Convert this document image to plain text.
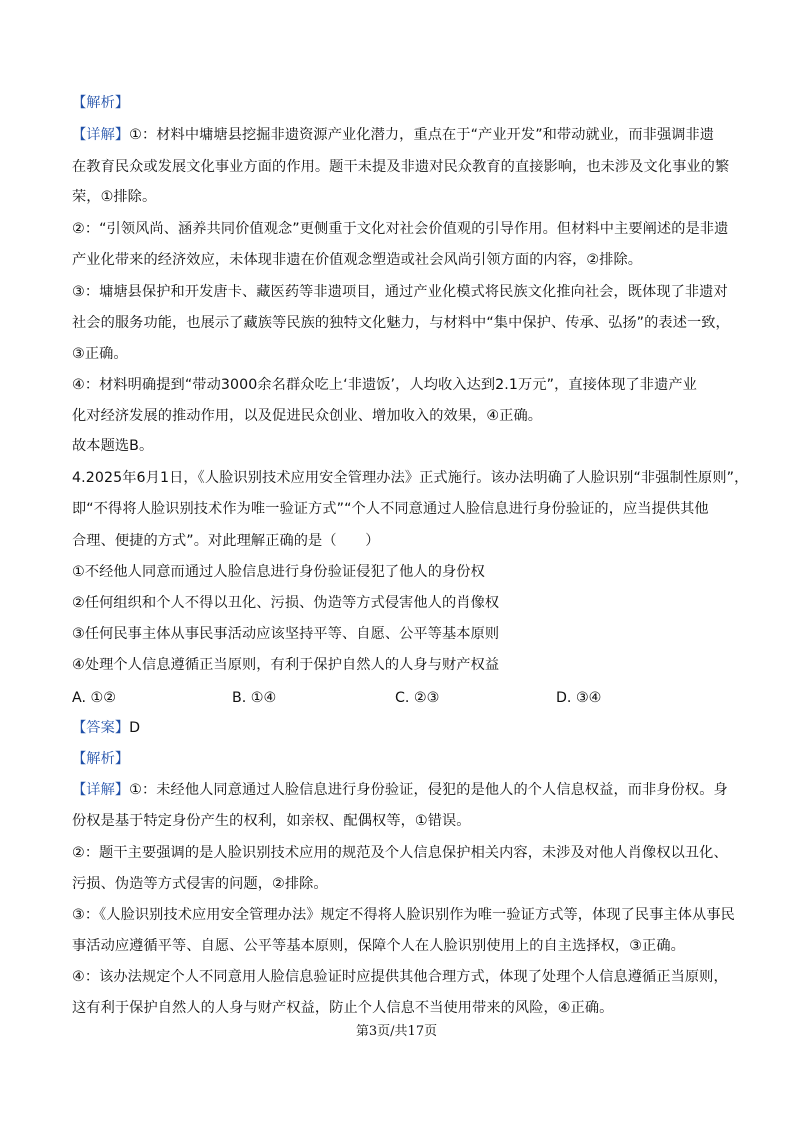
【解析】
【详解】①：材料中墉塘县挖掘非遗资源产业化潜力，重点在于“产业开发”和带动就业，而非强调非遗
在教育民众或发展文化事业方面的作用。题干未提及非遗对民众教育的直接影响，也未涉及文化事业的繁
荣，①排除。
②：“引领风尚、涵养共同价值观念”更侧重于文化对社会价值观的引导作用。但材料中主要阐述的是非遗
产业化带来的经济效应，未体现非遗在价值观念塑造或社会风尚引领方面的内容，②排除。
③：墉塘县保护和开发唐卡、藏医药等非遗项目，通过产业化模式将民族文化推向社会，既体现了非遗对
社会的服务功能，也展示了藏族等民族的独特文化魅力，与材料中“集中保护、传承、弘扬”的表述一致，
③正确。
④：材料明确提到“带动3000余名群众吃上‘非遗饭’，人均收入达到2.1万元”，直接体现了非遗产业
化对经济发展的推动作用，以及促进民众创业、增加收入的效果，④正确。
故本题选B。
4.2025年6月1日，《人脸识别技术应用安全管理办法》正式施行。该办法明确了人脸识别“非强制性原则”，
即“不得将人脸识别技术作为唯一验证方式”“个人不同意通过人脸信息进行身份验证的，应当提供其他
合理、便捷的方式”。对此理解正确的是（　　）
①不经他人同意而通过人脸信息进行身份验证侵犯了他人的身份权
②任何组织和个人不得以丑化、污损、伪造等方式侵害他人的肖像权
③任何民事主体从事民事活动应该坚持平等、自愿、公平等基本原则
④处理个人信息遵循正当原则，有利于保护自然人的人身与财产权益
A. ①②	B. ①④	C. ②③	D. ③④
【答案】D
【解析】
【详解】①：未经他人同意通过人脸信息进行身份验证，侵犯的是他人的个人信息权益，而非身份权。身
份权是基于特定身份产生的权利，如亲权、配偶权等，①错误。
②：题干主要强调的是人脸识别技术应用的规范及个人信息保护相关内容，未涉及对他人肖像权以丑化、
污损、伪造等方式侵害的问题，②排除。
③：《人脸识别技术应用安全管理办法》规定不得将人脸识别作为唯一验证方式等，体现了民事主体从事民
事活动应遵循平等、自愿、公平等基本原则，保障个人在人脸识别使用上的自主选择权，③正确。
④：该办法规定个人不同意用人脸信息验证时应提供其他合理方式，体现了处理个人信息遵循正当原则，
这有利于保护自然人的人身与财产权益，防止个人信息不当使用带来的风险，④正确。
第3页/共17页
